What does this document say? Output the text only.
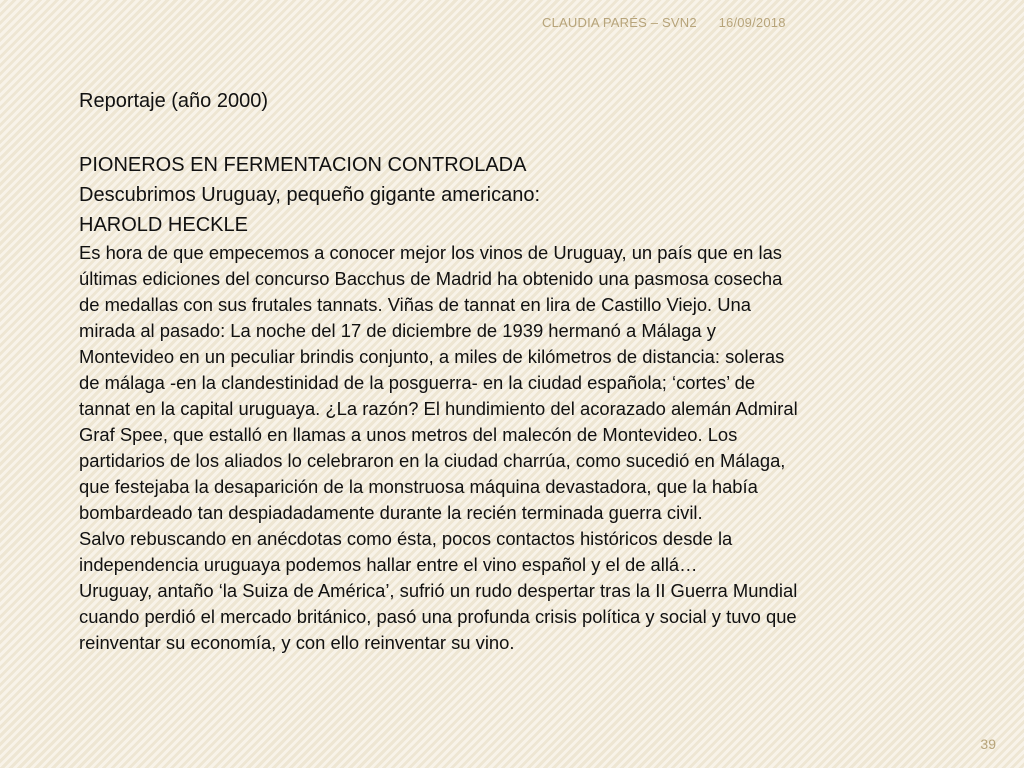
CLAUDIA PARÉS – SVN2 16/09/2018
Reportaje (año 2000)
PIONEROS EN FERMENTACION CONTROLADA
Descubrimos Uruguay, pequeño gigante americano:
HAROLD HECKLE
Es hora de que empecemos a conocer mejor los vinos de Uruguay, un país que en las
últimas ediciones del concurso Bacchus de Madrid ha obtenido una pasmosa cosecha
de medallas con sus frutales tannats. Viñas de tannat en lira de Castillo Viejo. Una
mirada al pasado: La noche del 17 de diciembre de 1939 hermanó a Málaga y
Montevideo en un peculiar brindis conjunto, a miles de kilómetros de distancia: soleras
de málaga -en la clandestinidad de la posguerra- en la ciudad española; ‘cortes’ de
tannat en la capital uruguaya. ¿La razón? El hundimiento del acorazado alemán Admiral
Graf Spee, que estalló en llamas a unos metros del malecón de Montevideo. Los
partidarios de los aliados lo celebraron en la ciudad charrúa, como sucedió en Málaga,
que festejaba la desaparición de la monstruosa máquina devastadora, que la había
bombardeado tan despiadadamente durante la recién terminada guerra civil.
Salvo rebuscando en anécdotas como ésta, pocos contactos históricos desde la
independencia uruguaya podemos hallar entre el vino español y el de allá…
Uruguay, antaño ‘la Suiza de América’, sufrió un rudo despertar tras la II Guerra Mundial
cuando perdió el mercado británico, pasó una profunda crisis política y social y tuvo que
reinventar su economía, y con ello reinventar su vino.
39
